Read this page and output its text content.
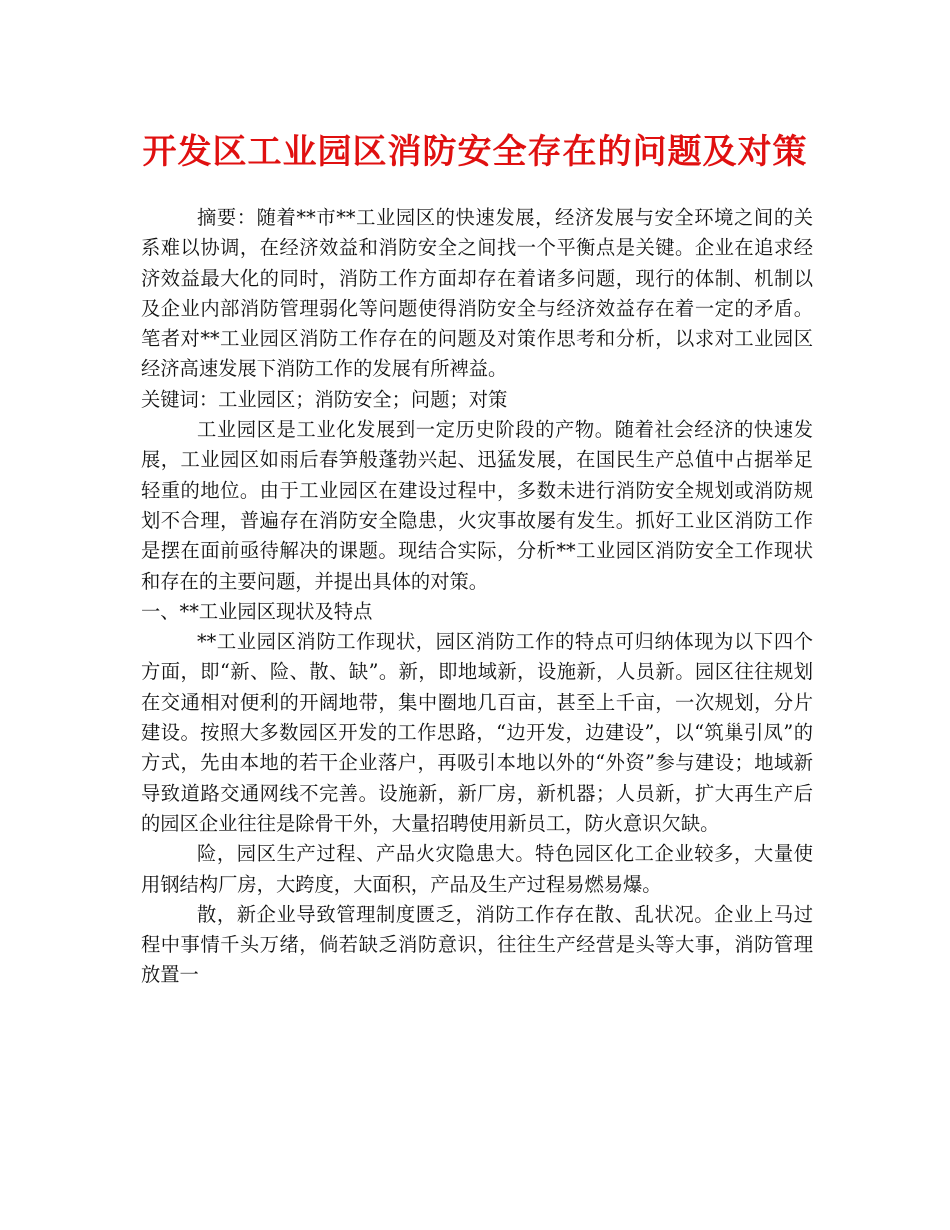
开发区工业园区消防安全存在的问题及对策

摘要：随着**市**工业园区的快速发展，经济发展与安全环境之间的关系难以协调，在经济效益和消防安全之间找一个平衡点是关键。企业在追求经济效益最大化的同时，消防工作方面却存在着诸多问题，现行的体制、机制以及企业内部消防管理弱化等问题使得消防安全与经济效益存在着一定的矛盾。笔者对**工业园区消防工作存在的问题及对策作思考和分析，以求对工业园区经济高速发展下消防工作的发展有所裨益。

关键词：工业园区；消防安全；问题；对策

工业园区是工业化发展到一定历史阶段的产物。随着社会经济的快速发展，工业园区如雨后春笋般蓬勃兴起、迅猛发展，在国民生产总值中占据举足轻重的地位。由于工业园区在建设过程中，多数未进行消防安全规划或消防规划不合理，普遍存在消防安全隐患，火灾事故屡有发生。抓好工业区消防工作是摆在面前亟待解决的课题。现结合实际，分析**工业园区消防安全工作现状和存在的主要问题，并提出具体的对策。

一、**工业园区现状及特点

**工业园区消防工作现状，园区消防工作的特点可归纳体现为以下四个方面，即“新、险、散、缺”。新，即地域新，设施新，人员新。园区往往规划在交通相对便利的开阔地带，集中圈地几百亩，甚至上千亩，一次规划，分片建设。按照大多数园区开发的工作思路，“边开发，边建设”，以“筑巢引凤”的方式，先由本地的若干企业落户，再吸引本地以外的“外资”参与建设；地域新导致道路交通网线不完善。设施新，新厂房，新机器；人员新，扩大再生产后的园区企业往往是除骨干外，大量招聘使用新员工，防火意识欠缺。

险，园区生产过程、产品火灾隐患大。特色园区化工企业较多，大量使用钢结构厂房，大跨度，大面积，产品及生产过程易燃易爆。

散，新企业导致管理制度匮乏，消防工作存在散、乱状况。企业上马过程中事情千头万绪，倘若缺乏消防意识，往往生产经营是头等大事，消防管理放置一
